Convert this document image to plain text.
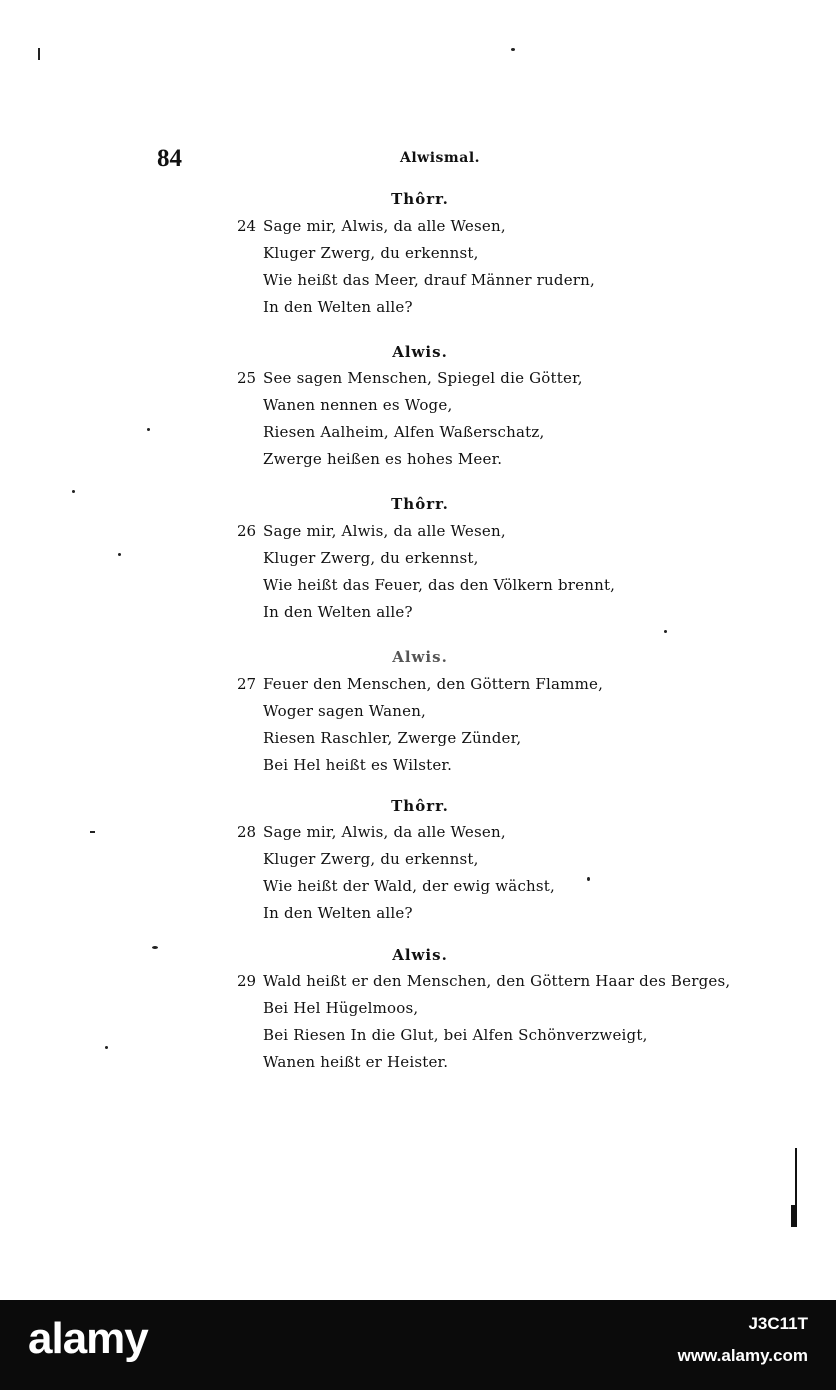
84	Alwismal.
Thôrr.
24 Sage mir, Alwis, da alle Wesen,
Kluger Zwerg, du erkennst,
Wie heißt das Meer, drauf Männer rudern,
In den Welten alle?
Alwis.
25 See sagen Menschen, Spiegel die Götter,
Wanen nennen es Woge,
Riesen Aalheim, Alfen Waßerschatz,
Zwerge heißen es hohes Meer.
Thôrr.
26 Sage mir, Alwis, da alle Wesen,
Kluger Zwerg, du erkennst,
Wie heißt das Feuer, das den Völkern brennt,
In den Welten alle?
Alwis.
27 Feuer den Menschen, den Göttern Flamme,
Woger sagen Wanen,
Riesen Raschler, Zwerge Zünder,
Bei Hel heißt es Wilster.
Thôrr.
28 Sage mir, Alwis, da alle Wesen,
Kluger Zwerg, du erkennst,
Wie heißt der Wald, der ewig wächst,
In den Welten alle?
Alwis.
29 Wald heißt er den Menschen, den Göttern Haar des Berges,
Bei Hel Hügelmoos,
Bei Riesen In die Glut, bei Alfen Schönverzweigt,
Wanen heißt er Heister.
alamy	J3C11T
www.alamy.com
